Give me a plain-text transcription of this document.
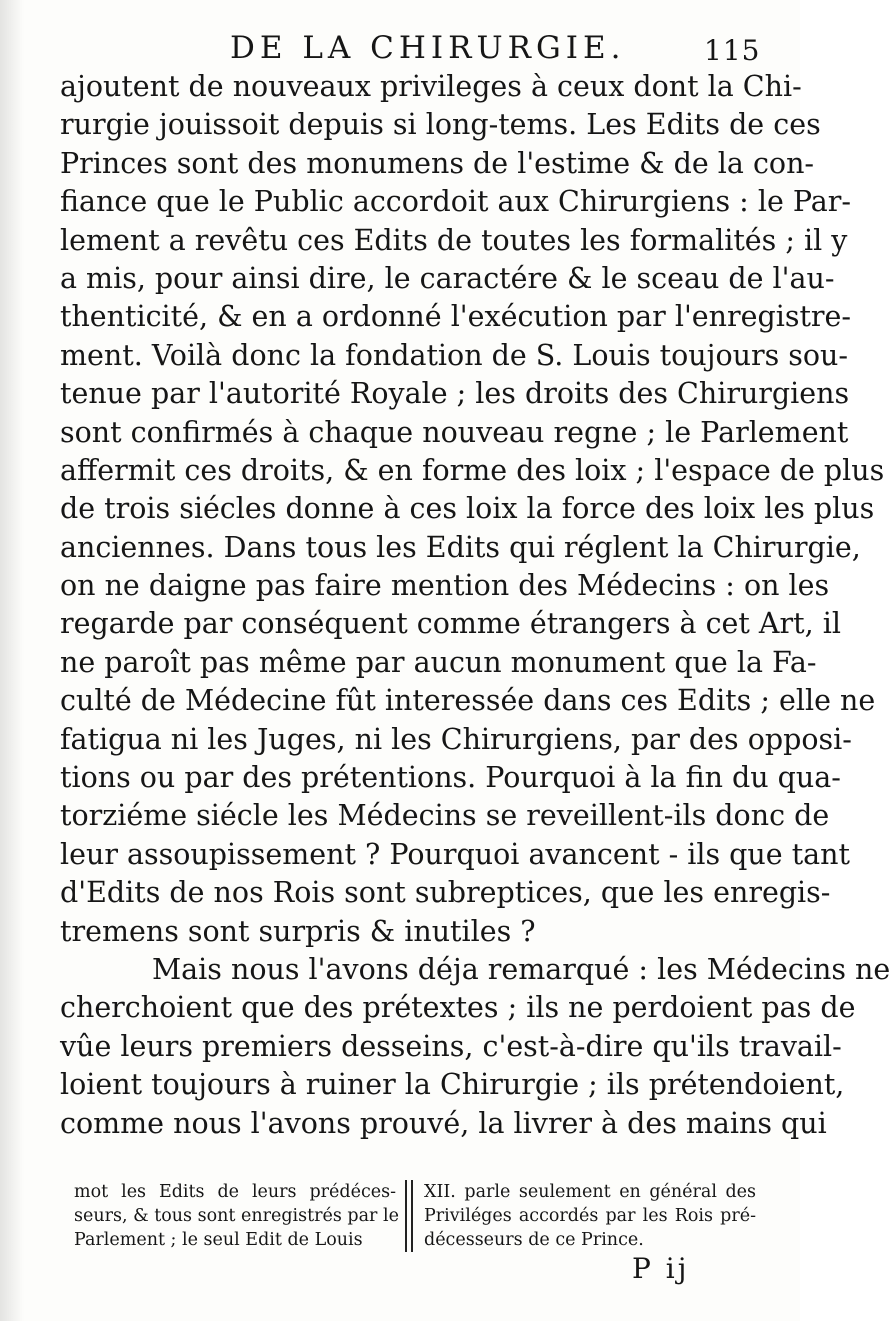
DE LA CHIRURGIE.	115
ajoutent de nouveaux privileges à ceux dont la Chi-
rurgie jouissoit depuis si long-tems. Les Edits de ces
Princes sont des monumens de l'estime & de la con-
fiance que le Public accordoit aux Chirurgiens : le Par-
lement a revêtu ces Edits de toutes les formalités ; il y
a mis, pour ainsi dire, le caractére & le sceau de l'au-
thenticité, & en a ordonné l'exécution par l'enregistre-
ment. Voilà donc la fondation de S. Louis toujours sou-
tenue par l'autorité Royale ; les droits des Chirurgiens
sont confirmés à chaque nouveau regne ; le Parlement
affermit ces droits, & en forme des loix ; l'espace de plus
de trois siécles donne à ces loix la force des loix les plus
anciennes. Dans tous les Edits qui réglent la Chirurgie,
on ne daigne pas faire mention des Médecins : on les
regarde par conséquent comme étrangers à cet Art, il
ne paroît pas même par aucun monument que la Fa-
culté de Médecine fût interessée dans ces Edits ; elle ne
fatigua ni les Juges, ni les Chirurgiens, par des opposi-
tions ou par des prétentions. Pourquoi à la fin du qua-
torziéme siécle les Médecins se reveillent-ils donc de
leur assoupissement ? Pourquoi avancent - ils que tant
d'Edits de nos Rois sont subreptices, que les enregis-
tremens sont surpris & inutiles ?
Mais nous l'avons déja remarqué : les Médecins ne
cherchoient que des prétextes ; ils ne perdoient pas de
vûe leurs premiers desseins, c'est-à-dire qu'ils travail-
loient toujours à ruiner la Chirurgie ; ils prétendoient,
comme nous l'avons prouvé, la livrer à des mains qui
mot les Edits de leurs prédéces-
seurs, & tous sont enregistrés par le
Parlement ; le seul Edit de Louis
XII. parle seulement en général des
Priviléges accordés par les Rois pré-
décesseurs de ce Prince.
P ij
